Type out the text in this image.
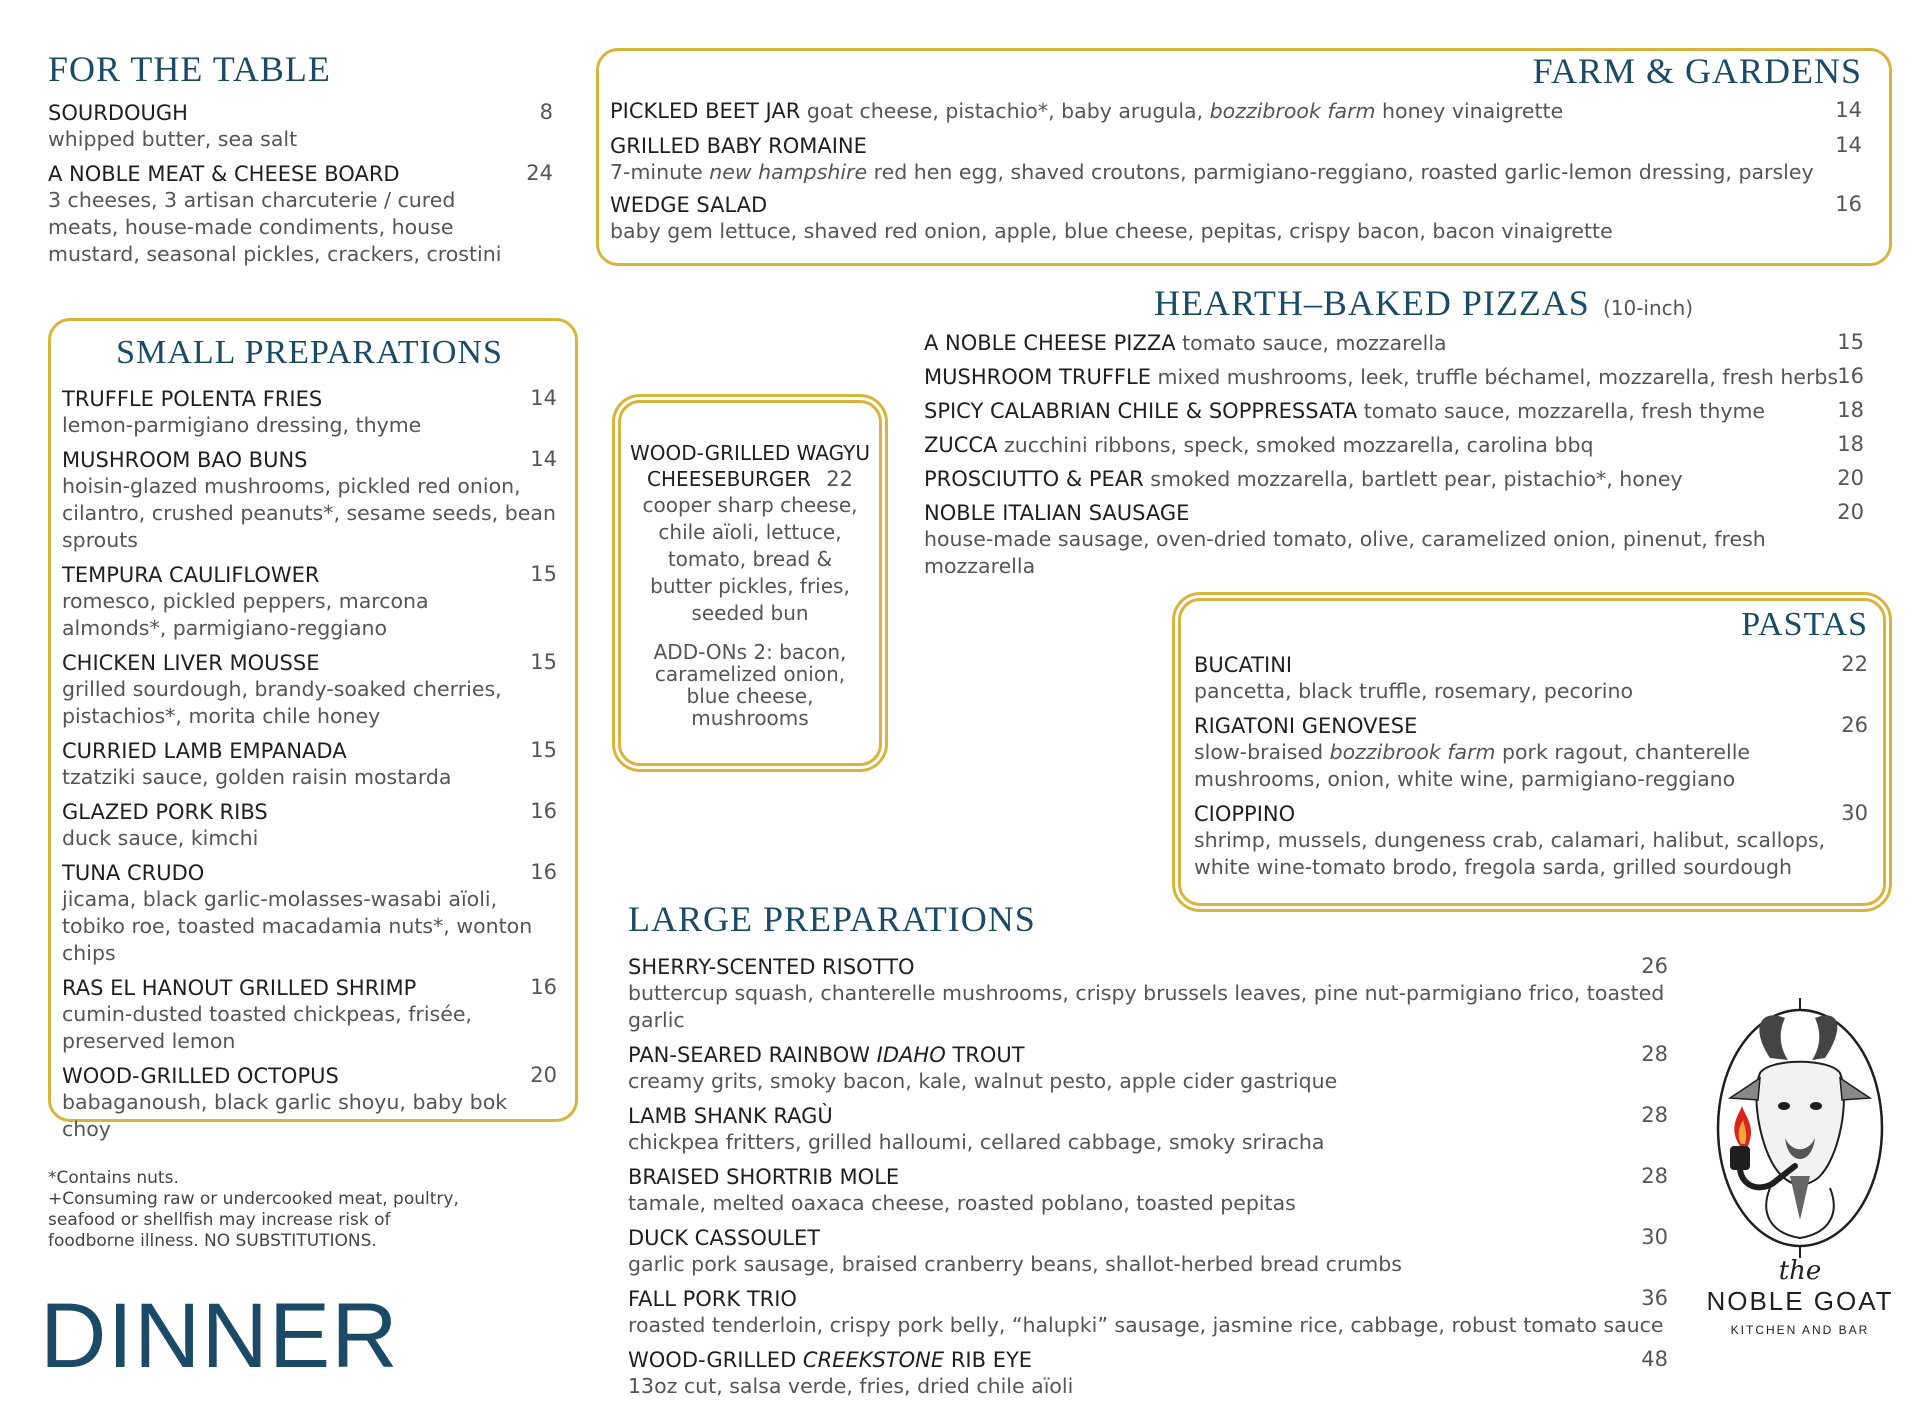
FOR THE TABLE
SOURDOUGH	8
whipped butter, sea salt
A NOBLE MEAT & CHEESE BOARD	24
3 cheeses, 3 artisan charcuterie / cured meats, house-made condiments, house mustard, seasonal pickles, crackers, crostini
FARM & GARDENS
PICKLED BEET JAR goat cheese, pistachio*, baby arugula, bozzibrook farm honey vinaigrette	14
GRILLED BABY ROMAINE	14
7-minute new hampshire red hen egg, shaved croutons, parmigiano-reggiano, roasted garlic-lemon dressing, parsley
WEDGE SALAD	16
baby gem lettuce, shaved red onion, apple, blue cheese, pepitas, crispy bacon, bacon vinaigrette
SMALL PREPARATIONS
TRUFFLE POLENTA FRIES	14
lemon-parmigiano dressing, thyme
MUSHROOM BAO BUNS	14
hoisin-glazed mushrooms, pickled red onion, cilantro, crushed peanuts*, sesame seeds, bean sprouts
TEMPURA CAULIFLOWER	15
romesco, pickled peppers, marcona almonds*, parmigiano-reggiano
CHICKEN LIVER MOUSSE	15
grilled sourdough, brandy-soaked cherries, pistachios*, morita chile honey
CURRIED LAMB EMPANADA	15
tzatziki sauce, golden raisin mostarda
GLAZED PORK RIBS	16
duck sauce, kimchi
TUNA CRUDO	16
jicama, black garlic-molasses-wasabi aïoli, tobiko roe, toasted macadamia nuts*, wonton chips
RAS EL HANOUT GRILLED SHRIMP	16
cumin-dusted toasted chickpeas, frisée, preserved lemon
WOOD-GRILLED OCTOPUS	20
babaganoush, black garlic shoyu, baby bok choy
*Contains nuts.
+Consuming raw or undercooked meat, poultry, seafood or shellfish may increase risk of foodborne illness. NO SUBSTITUTIONS.
DINNER
WOOD-GRILLED WAGYU
CHEESEBURGER 22
cooper sharp cheese, chile aïoli, lettuce, tomato, bread & butter pickles, fries, seeded bun
ADD-ONs 2: bacon, caramelized onion, blue cheese, mushrooms
HEARTH–BAKED PIZZAS (10-inch)
A NOBLE CHEESE PIZZA tomato sauce, mozzarella	15
MUSHROOM TRUFFLE mixed mushrooms, leek, truffle béchamel, mozzarella, fresh herbs 16
SPICY CALABRIAN CHILE & SOPPRESSATA tomato sauce, mozzarella, fresh thyme	18
ZUCCA zucchini ribbons, speck, smoked mozzarella, carolina bbq	18
PROSCIUTTO & PEAR smoked mozzarella, bartlett pear, pistachio*, honey	20
NOBLE ITALIAN SAUSAGE	20
house-made sausage, oven-dried tomato, olive, caramelized onion, pinenut, fresh mozzarella
PASTAS
BUCATINI	22
pancetta, black truffle, rosemary, pecorino
RIGATONI GENOVESE	26
slow-braised bozzibrook farm pork ragout, chanterelle mushrooms, onion, white wine, parmigiano-reggiano
CIOPPINO	30
shrimp, mussels, dungeness crab, calamari, halibut, scallops, white wine-tomato brodo, fregola sarda, grilled sourdough
LARGE PREPARATIONS
SHERRY-SCENTED RISOTTO	26
buttercup squash, chanterelle mushrooms, crispy brussels leaves, pine nut-parmigiano frico, toasted garlic
PAN-SEARED RAINBOW IDAHO TROUT	28
creamy grits, smoky bacon, kale, walnut pesto, apple cider gastrique
LAMB SHANK RAGÙ	28
chickpea fritters, grilled halloumi, cellared cabbage, smoky sriracha
BRAISED SHORTRIB MOLE	28
tamale, melted oaxaca cheese, roasted poblano, toasted pepitas
DUCK CASSOULET	30
garlic pork sausage, braised cranberry beans, shallot-herbed bread crumbs
FALL PORK TRIO	36
roasted tenderloin, crispy pork belly, “halupki” sausage, jasmine rice, cabbage, robust tomato sauce
WOOD-GRILLED CREEKSTONE RIB EYE	48
13oz cut, salsa verde, fries, dried chile aïoli
the
NOBLE GOAT
KITCHEN AND BAR
